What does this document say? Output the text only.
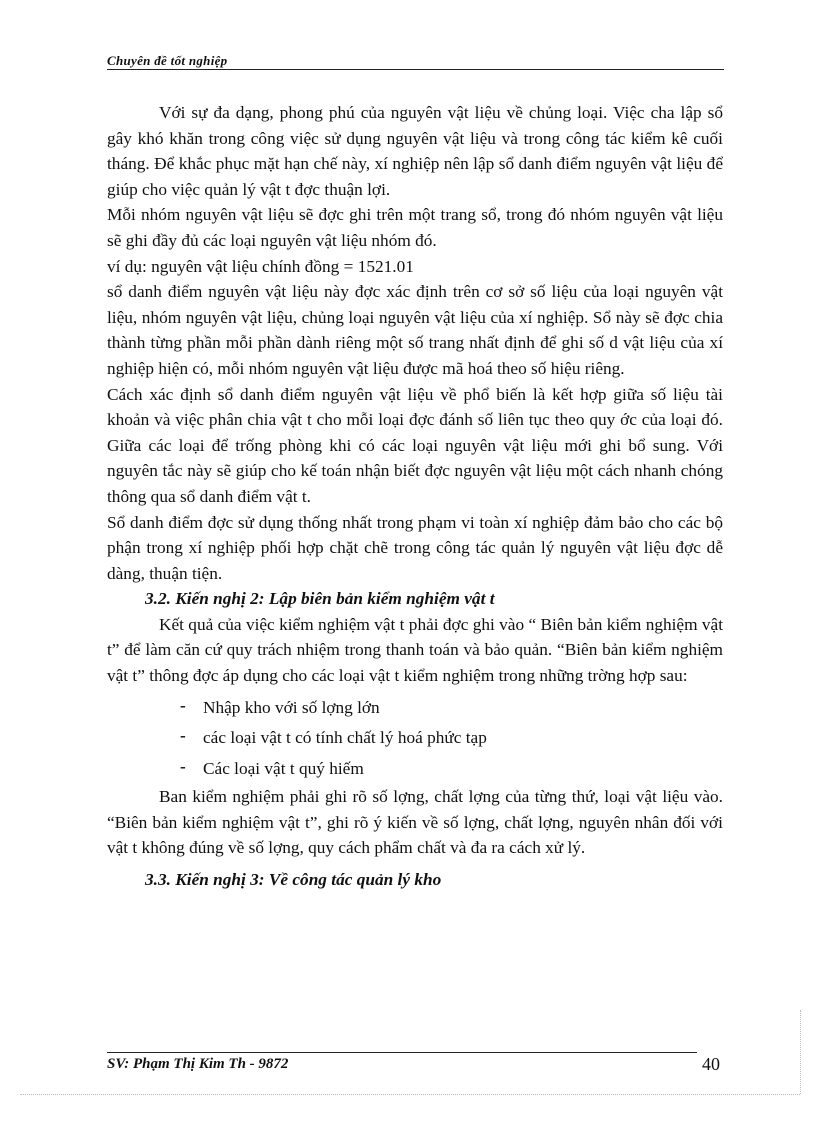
Chuyên đề tốt nghiệp

Với sự đa dạng, phong phú của nguyên vật liệu về chủng loại. Việc cha lập sổ gây khó khăn trong công việc sử dụng nguyên vật liệu và trong công tác kiểm kê cuối tháng. Để khắc phục mặt hạn chế này, xí nghiệp nên lập sổ danh điểm nguyên vật liệu để giúp cho việc quản lý vật t đợc thuận lợi.

Mỗi nhóm nguyên vật liệu sẽ đợc ghi trên một trang sổ, trong đó nhóm nguyên vật liệu sẽ ghi đầy đủ các loại nguyên vật liệu nhóm đó.

ví dụ: nguyên vật liệu chính đồng = 1521.01

sổ danh điểm nguyên vật liệu này đợc xác định trên cơ sở số liệu của loại nguyên vật liệu, nhóm nguyên vật liệu, chủng loại nguyên vật liệu của xí nghiệp. Sổ này sẽ đợc chia thành từng phần mỗi phần dành riêng một số trang nhất định để ghi số d vật liệu của xí nghiệp hiện có, mỗi nhóm nguyên vật liệu được mã hoá theo số hiệu riêng.

Cách xác định sổ danh điểm nguyên vật liệu về phổ biến là kết hợp giữa số liệu tài khoản và việc phân chia vật t cho mỗi loại đợc đánh số liên tục theo quy ớc của loại đó. Giữa các loại để trống phòng khi có các loại nguyên vật liệu mới ghi bổ sung. Với nguyên tắc này sẽ giúp cho kế toán nhận biết đợc nguyên vật liệu một cách nhanh chóng thông qua sổ danh điểm vật t.

Sổ danh điểm đợc sử dụng thống nhất trong phạm vi toàn xí nghiệp đảm bảo cho các bộ phận trong xí nghiệp phối hợp chặt chẽ trong công tác quản lý nguyên vật liệu đợc dễ dàng, thuận tiện.

3.2. Kiến nghị 2: Lập biên bản kiểm nghiệm vật t

Kết quả của việc kiểm nghiệm vật t phải đợc ghi vào “ Biên bản kiểm nghiệm vật t” để làm căn cứ quy trách nhiệm trong thanh toán và bảo quản. “Biên bản kiểm nghiệm vật t” thông đợc áp dụng cho các loại vật t kiểm nghiệm trong những trờng hợp sau:

- Nhập kho với số lợng lớn
- các loại vật t có tính chất lý hoá phức tạp
- Các loại vật t quý hiếm

Ban kiểm nghiệm phải ghi rõ số lợng, chất lợng của từng thứ, loại vật liệu vào. “Biên bản kiểm nghiệm vật t”, ghi rõ ý kiến về số lợng, chất lợng, nguyên nhân đối với vật t không đúng về số lợng, quy cách phẩm chất và đa ra cách xử lý.

3.3. Kiến nghị 3: Về công tác quản lý kho

SV: Phạm Thị Kim Th - 9872	40
